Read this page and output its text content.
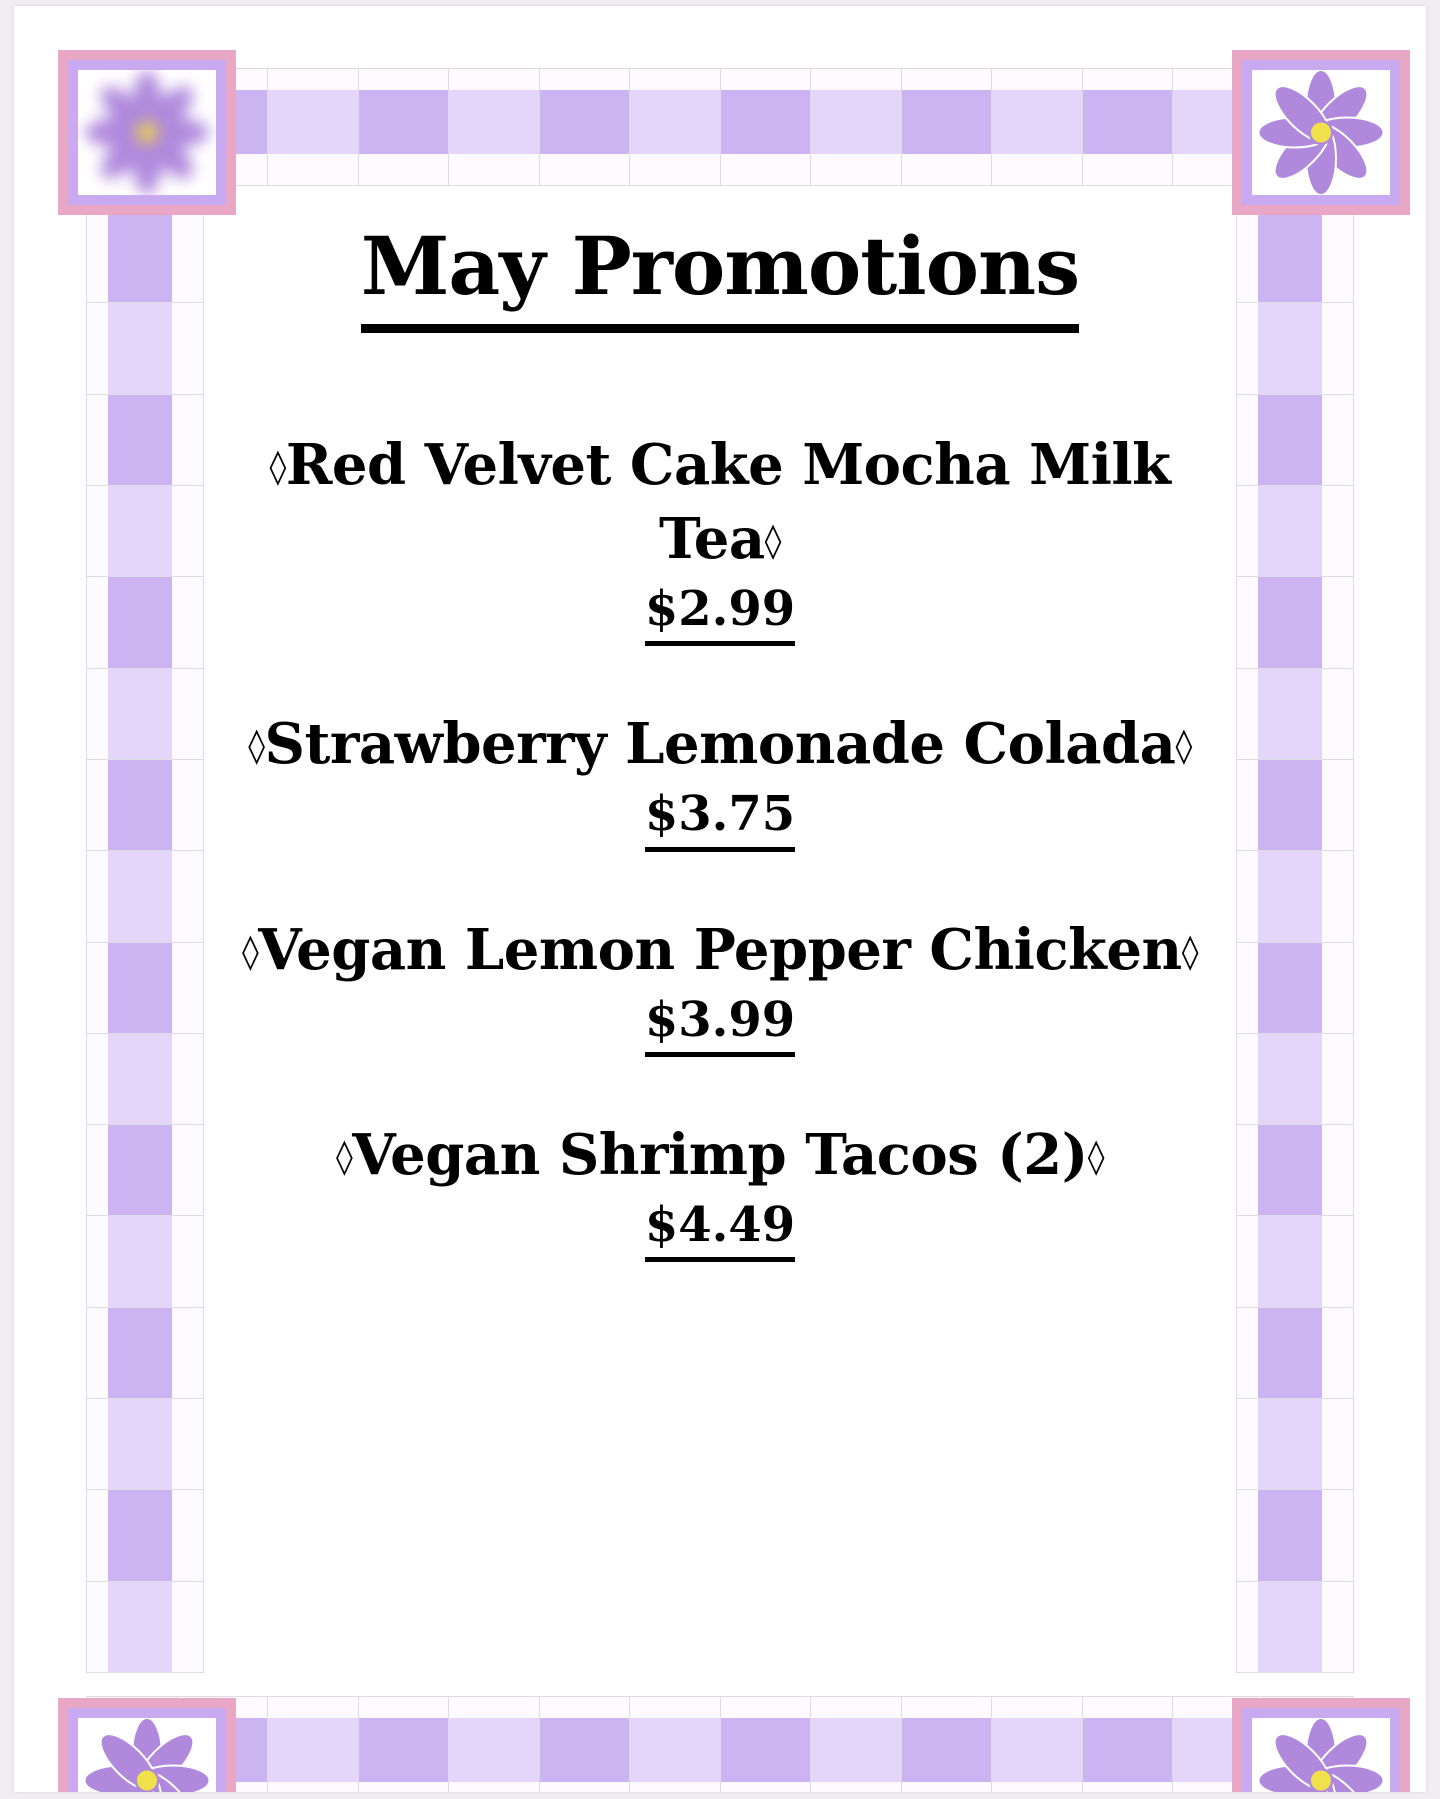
May Promotions

◊Red Velvet Cake Mocha Milk Tea◊

$2.99

◊Strawberry Lemonade Colada◊

$3.75

◊Vegan Lemon Pepper Chicken◊

$3.99

◊Vegan Shrimp Tacos (2)◊

$4.49
